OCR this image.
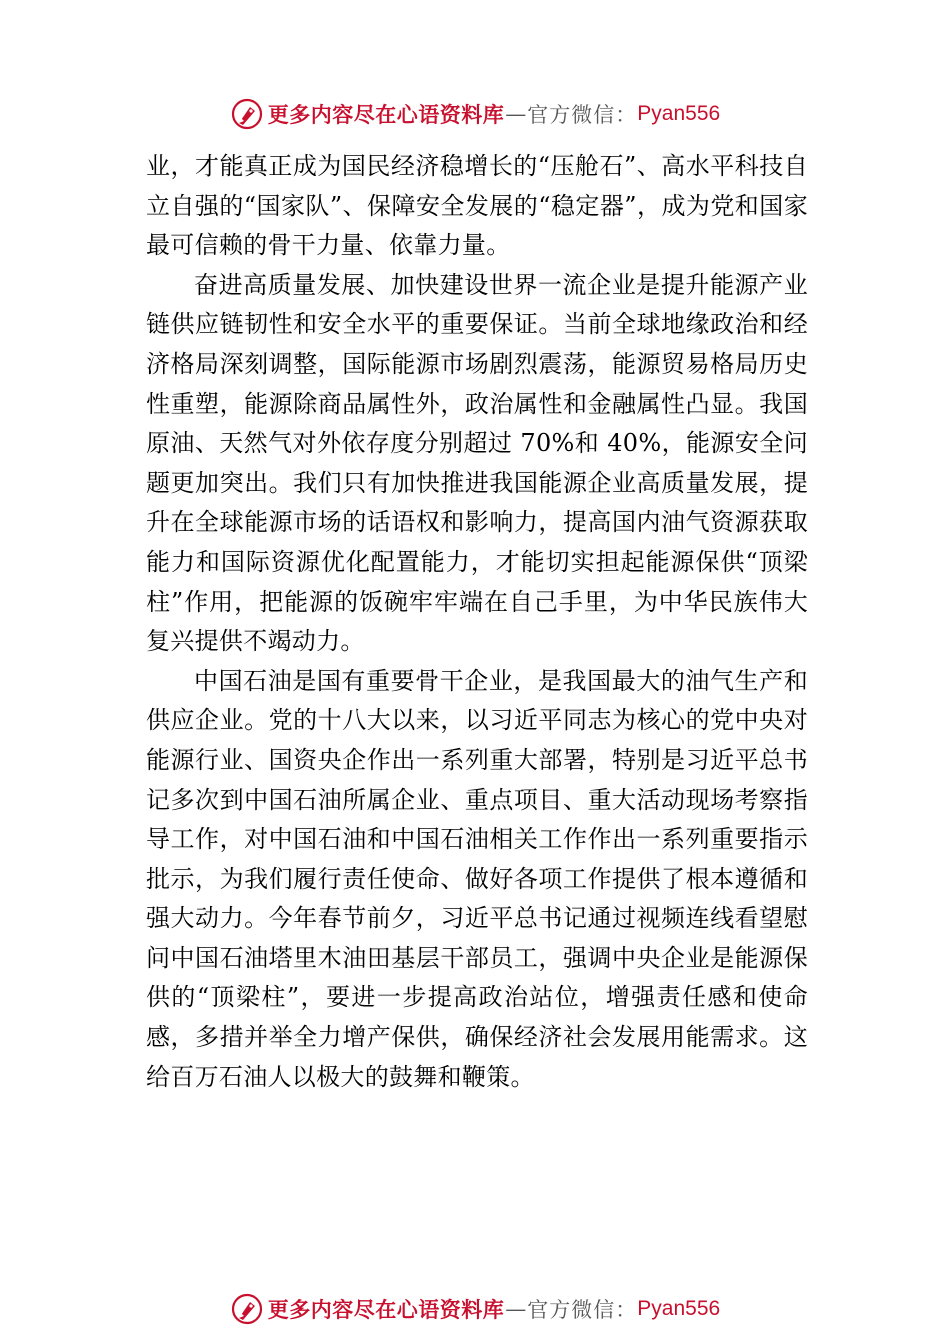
更多内容尽在心语资料库 — 官方微信： Pyan556

业，才能真正成为国民经济稳增长的“压舱石”、高水平科技自立自强的“国家队”、保障安全发展的“稳定器”，成为党和国家最可信赖的骨干力量、依靠力量。

奋进高质量发展、加快建设世界一流企业是提升能源产业链供应链韧性和安全水平的重要保证。当前全球地缘政治和经济格局深刻调整，国际能源市场剧烈震荡，能源贸易格局历史性重塑，能源除商品属性外，政治属性和金融属性凸显。我国原油、天然气对外依存度分别超过 70%和 40%，能源安全问题更加突出。我们只有加快推进我国能源企业高质量发展，提升在全球能源市场的话语权和影响力，提高国内油气资源获取能力和国际资源优化配置能力，才能切实担起能源保供“顶梁柱”作用，把能源的饭碗牢牢端在自己手里，为中华民族伟大复兴提供不竭动力。

中国石油是国有重要骨干企业，是我国最大的油气生产和供应企业。党的十八大以来，以习近平同志为核心的党中央对能源行业、国资央企作出一系列重大部署，特别是习近平总书记多次到中国石油所属企业、重点项目、重大活动现场考察指导工作，对中国石油和中国石油相关工作作出一系列重要指示批示，为我们履行责任使命、做好各项工作提供了根本遵循和强大动力。今年春节前夕，习近平总书记通过视频连线看望慰问中国石油塔里木油田基层干部员工，强调中央企业是能源保供的“顶梁柱”，要进一步提高政治站位，增强责任感和使命感，多措并举全力增产保供，确保经济社会发展用能需求。这给百万石油人以极大的鼓舞和鞭策。

更多内容尽在心语资料库 — 官方微信： Pyan556
